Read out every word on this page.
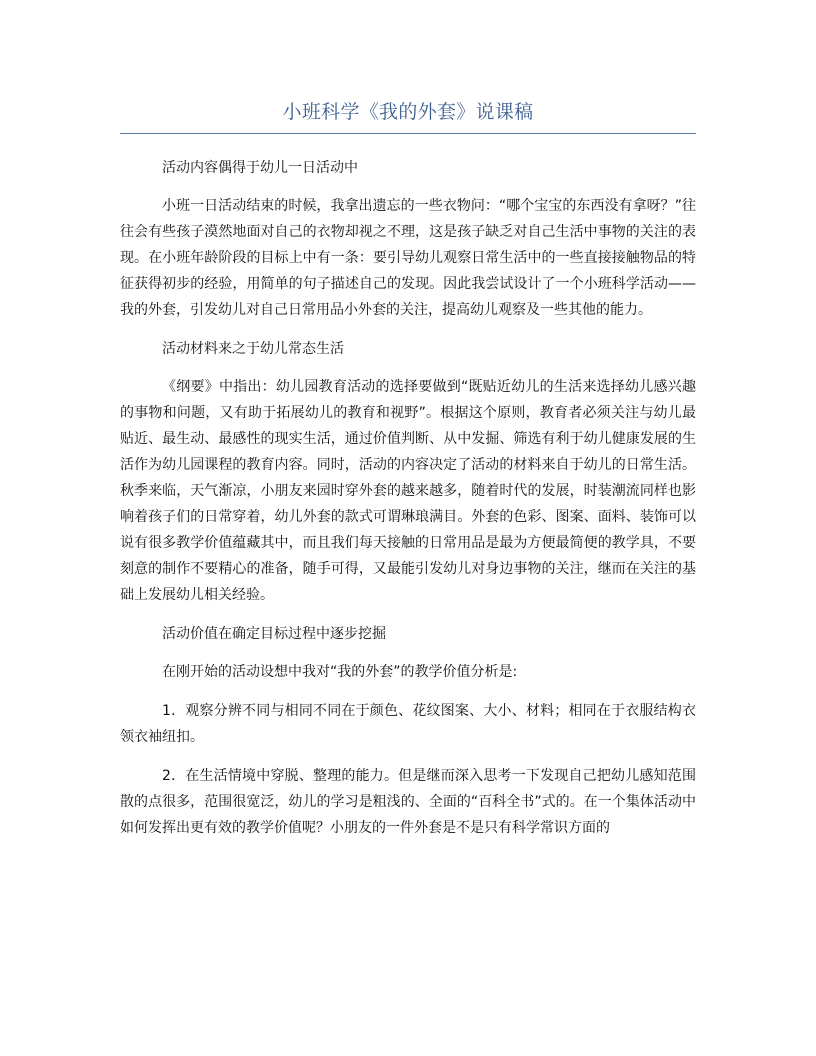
小班科学《我的外套》说课稿

活动内容偶得于幼儿一日活动中

小班一日活动结束的时候，我拿出遗忘的一些衣物问：“哪个宝宝的东西没有拿呀？”往往会有些孩子漠然地面对自己的衣物却视之不理，这是孩子缺乏对自己生活中事物的关注的表现。在小班年龄阶段的目标上中有一条：要引导幼儿观察日常生活中的一些直接接触物品的特征获得初步的经验，用简单的句子描述自己的发现。因此我尝试设计了一个小班科学活动——我的外套，引发幼儿对自己日常用品小外套的关注，提高幼儿观察及一些其他的能力。

活动材料来之于幼儿常态生活

《纲要》中指出：幼儿园教育活动的选择要做到“既贴近幼儿的生活来选择幼儿感兴趣的事物和问题，又有助于拓展幼儿的教育和视野”。根据这个原则，教育者必须关注与幼儿最贴近、最生动、最感性的现实生活，通过价值判断、从中发掘、筛选有利于幼儿健康发展的生活作为幼儿园课程的教育内容。同时，活动的内容决定了活动的材料来自于幼儿的日常生活。秋季来临，天气渐凉，小朋友来园时穿外套的越来越多，随着时代的发展，时装潮流同样也影响着孩子们的日常穿着，幼儿外套的款式可谓琳琅满目。外套的色彩、图案、面料、装饰可以说有很多教学价值蕴藏其中，而且我们每天接触的日常用品是最为方便最简便的教学具，不要刻意的制作不要精心的准备，随手可得，又最能引发幼儿对身边事物的关注，继而在关注的基础上发展幼儿相关经验。

活动价值在确定目标过程中逐步挖掘

在刚开始的活动设想中我对“我的外套”的教学价值分析是:

1．观察分辨不同与相同不同在于颜色、花纹图案、大小、材料；相同在于衣服结构衣领衣袖纽扣。

2．在生活情境中穿脱、整理的能力。但是继而深入思考一下发现自己把幼儿感知范围散的点很多，范围很宽泛，幼儿的学习是粗浅的、全面的“百科全书”式的。在一个集体活动中如何发挥出更有效的教学价值呢？小朋友的一件外套是不是只有科学常识方面的
